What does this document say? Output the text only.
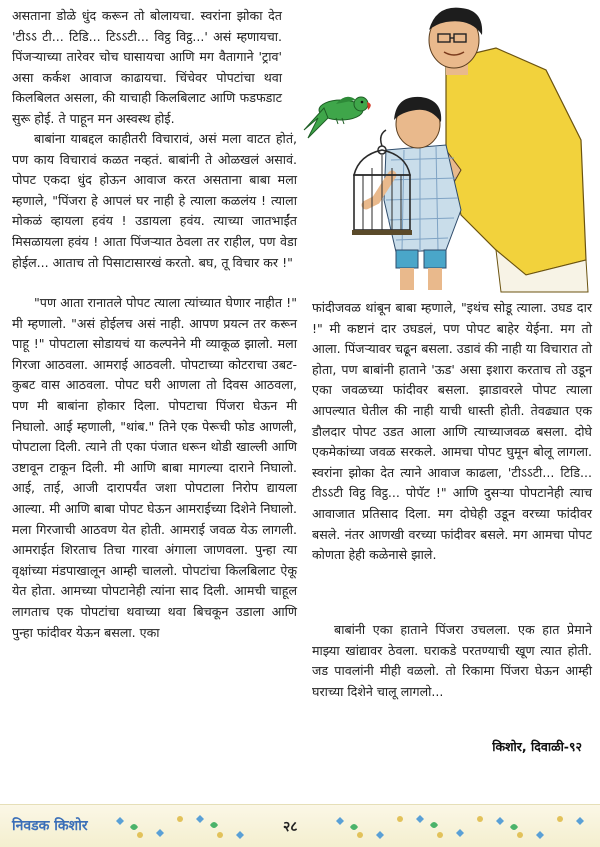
असताना डोळे धुंद करून तो बोलायचा. स्वरांना झोका देत 'टीऽऽ टी... टिडि... टिऽऽटी... विट्ठ विट्ठ...' असं म्हणायचा. पिंजऱ्याच्या तारेवर चोच घासायचा आणि मग वैतागाने 'ट्राव' असा कर्कश आवाज काढायचा. चिंचेवर पोपटांचा थवा किलबिलत असला, की याचाही किलबिलाट आणि फडफडाट सुरू होई. ते पाहून मन अस्वस्थ होई.

बाबांना याबद्दल काहीतरी विचारावं, असं मला वाटत होतं, पण काय विचारावं कळत नव्हतं. बाबांनी ते ओळखलं असावं. पोपट एकदा धुंद होऊन आवाज करत असताना बाबा मला म्हणाले, "पिंजरा हे आपलं घर नाही हे त्याला कळलंय ! त्याला मोकळं व्हायला हवंय ! उडायला हवंय. त्याच्या जातभाईंत मिसळायला हवंय ! आता पिंजऱ्यात ठेवला तर राहील, पण वेडा होईल... आताच तो पिसाटासारखं करतो. बघ, तू विचार कर !"

"पण आता रानातले पोपट त्याला त्यांच्यात घेणार नाहीत !" मी म्हणालो. "असं होईलच असं नाही. आपण प्रयत्न तर करून पाहू !" पोपटाला सोडायचं या कल्पनेने मी व्याकूळ झालो. मला गिरजा आठवला. आमराई आठवली. पोपटाच्या कोटराचा उबट-कुबट वास आठवला. पोपट घरी आणला तो दिवस आठवला, पण मी बाबांना होकार दिला. पोपटाचा पिंजरा घेऊन मी निघालो. आई म्हणाली, "थांब." तिने एक पेरूची फोड आणली, पोपटाला दिली. त्याने ती एका पंजात धरून थोडी खाल्ली आणि उष्टावून टाकून दिली. मी आणि बाबा मागल्या दाराने निघालो. आई, ताई, आजी दारापर्यंत जशा पोपटाला निरोप द्यायला आल्या. मी आणि बाबा पोपट घेऊन आमराईच्या दिशेने निघालो. मला गिरजाची आठवण येत होती. आमराई जवळ येऊ लागली. आमराईत शिरताच तिचा गारवा अंगाला जाणवला. पुन्हा त्या वृक्षांच्या मंडपाखालून आम्ही चाललो. पोपटांचा किलबिलाट ऐकू येत होता. आमच्या पोपटानेही त्यांना साद दिली. आमची चाहूल लागताच एक पोपटांचा थवाच्या थवा बिचकून उडाला आणि पुन्हा फांदीवर येऊन बसला. एका

फांदीजवळ थांबून बाबा म्हणाले, "इथंच सोडू त्याला. उघड दार !" मी कष्टानं दार उघडलं, पण पोपट बाहेर येईना. मग तो आला. पिंजऱ्यावर चढून बसला. उडावं की नाही या विचारात तो होता, पण बाबांनी हाताने 'ऊड' असा इशारा करताच तो उडून एका जवळच्या फांदीवर बसला. झाडावरले पोपट त्याला आपल्यात घेतील की नाही याची धास्ती होती. तेवढ्यात एक डौलदार पोपट उडत आला आणि त्याच्याजवळ बसला. दोघे एकमेकांच्या जवळ सरकले. आमचा पोपट घुमून बोलू लागला. स्वरांना झोका देत त्याने आवाज काढला, 'टीऽऽटी... टिडि... टीऽऽटी विट्ठ विट्ठ... पोपॅट !" आणि दुसऱ्या पोपटानेही त्याच आवाजात प्रतिसाद दिला. मग दोघेही उडून वरच्या फांदीवर बसले. नंतर आणखी वरच्या फांदीवर बसले. मग आमचा पोपट कोणता हेही कळेनासे झाले.

बाबांनी एका हाताने पिंजरा उचलला. एक हात प्रेमाने माझ्या खांद्यावर ठेवला. घराकडे परतण्याची खूण त्यात होती. जड पावलांनी मीही वळलो. तो रिकामा पिंजरा घेऊन आम्ही घराच्या दिशेने चालू लागलो...

किशोर, दिवाळी-९२
निवडक किशोर	२८
